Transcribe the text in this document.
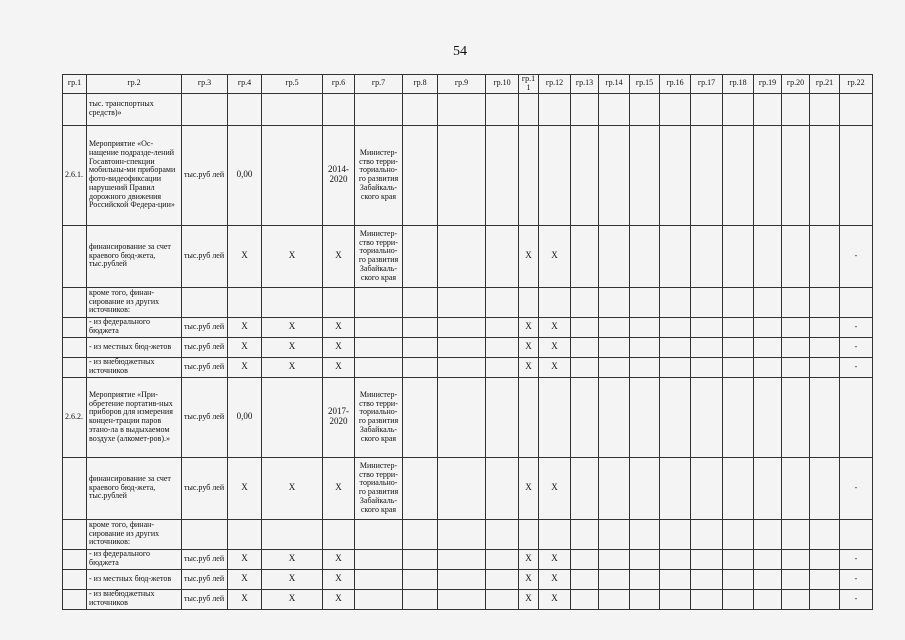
54
гр.1	гр.2	гр.3	гр.4	гр.5	гр.6	гр.7	гр.8	гр.9	гр.10	гр.1 1	гр.12	гр.13	гр.14	гр.15	гр.16	гр.17	гр.18	гр.19	гр.20	гр.21	гр.22
	тыс. транспортных средств)»																				
2.6.1.	Мероприятие «Ос-нащение подразде-лений Госавтоин-спекции мобильны-ми приборами фото-видеофиксации нарушений Правил дорожного движения Российской Федера-ции»	тыс.руб лей	0,00		2014-2020	Министер-ство терри-ториально-го развития Забайкаль-ского края															
	финансирование за счет краевого бюд-жета, тыс.рублей	тыс.руб лей	X	X	X	Министер-ство терри-ториально-го развития Забайкаль-ского края				X	X										-
	кроме того, финан-сирование из других источников:																				
	- из федерального бюджета	тыс.руб лей	X	X	X					X	X										-
	- из местных бюд-жетов	тыс.руб лей	X	X	X					X	X										-
	- из внебюджетных источников	тыс.руб лей	X	X	X					X	X										-
2.6.2.	Мероприятие «При-обретение портатив-ных приборов для измерения концен-трации паров этано-ла в выдыхаемом воздухе (алкомет-ров).»	тыс.руб лей	0,00		2017-2020	Министер-ство терри-ториально-го развития Забайкаль-ского края															
	финансирование за счет краевого бюд-жета, тыс.рублей	тыс.руб лей	X	X	X	Министер-ство терри-ториально-го развития Забайкаль-ского края				X	X										-
	кроме того, финан-сирование из других источников:																				
	- из федерального бюджета	тыс.руб лей	X	X	X					X	X										-
	- из местных бюд-жетов	тыс.руб лей	X	X	X					X	X										-
	- из внебюджетных источников	тыс.руб лей	X	X	X					X	X										-
